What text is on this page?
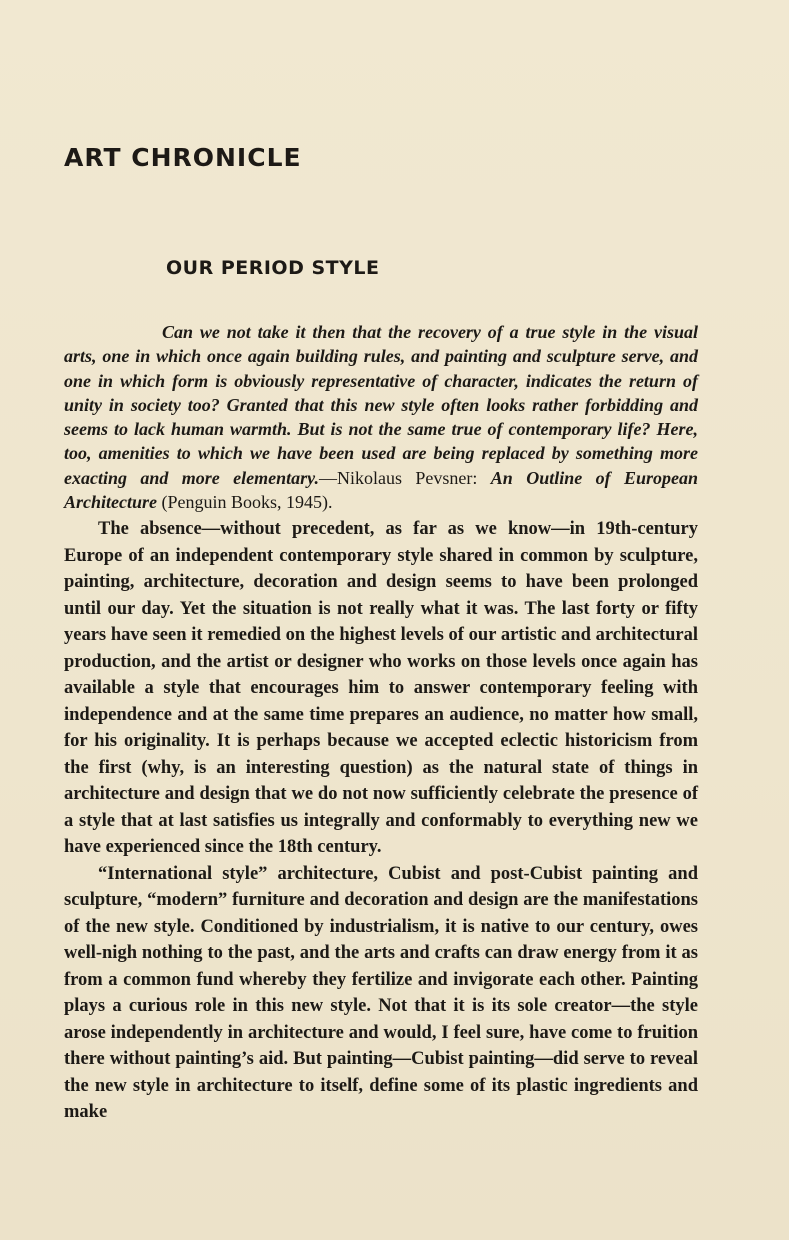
ART CHRONICLE
OUR PERIOD STYLE

Can we not take it then that the recovery of a true style in the visual arts, one in which once again building rules, and painting and sculpture serve, and one in which form is obviously representative of character, indicates the return of unity in society too? Granted that this new style often looks rather forbidding and seems to lack human warmth. But is not the same true of contemporary life? Here, too, amenities to which we have been used are being replaced by something more exacting and more elementary.—Nikolaus Pevsner: An Outline of European Architecture (Penguin Books, 1945).

The absence—without precedent, as far as we know—in 19th-century Europe of an independent contemporary style shared in common by sculpture, painting, architecture, decoration and design seems to have been prolonged until our day. Yet the situation is not really what it was. The last forty or fifty years have seen it remedied on the highest levels of our artistic and architectural production, and the artist or designer who works on those levels once again has available a style that encourages him to answer contemporary feeling with independence and at the same time prepares an audience, no matter how small, for his originality. It is perhaps because we accepted eclectic historicism from the first (why, is an interesting question) as the natural state of things in architecture and design that we do not now sufficiently celebrate the presence of a style that at last satisfies us integrally and conformably to everything new we have experienced since the 18th century.

“International style” architecture, Cubist and post-Cubist painting and sculpture, “modern” furniture and decoration and design are the manifestations of the new style. Conditioned by industrialism, it is native to our century, owes well-nigh nothing to the past, and the arts and crafts can draw energy from it as from a common fund whereby they fertilize and invigorate each other. Painting plays a curious role in this new style. Not that it is its sole creator—the style arose independently in architecture and would, I feel sure, have come to fruition there without painting’s aid. But painting—Cubist painting—did serve to reveal the new style in architecture to itself, define some of its plastic ingredients and make
